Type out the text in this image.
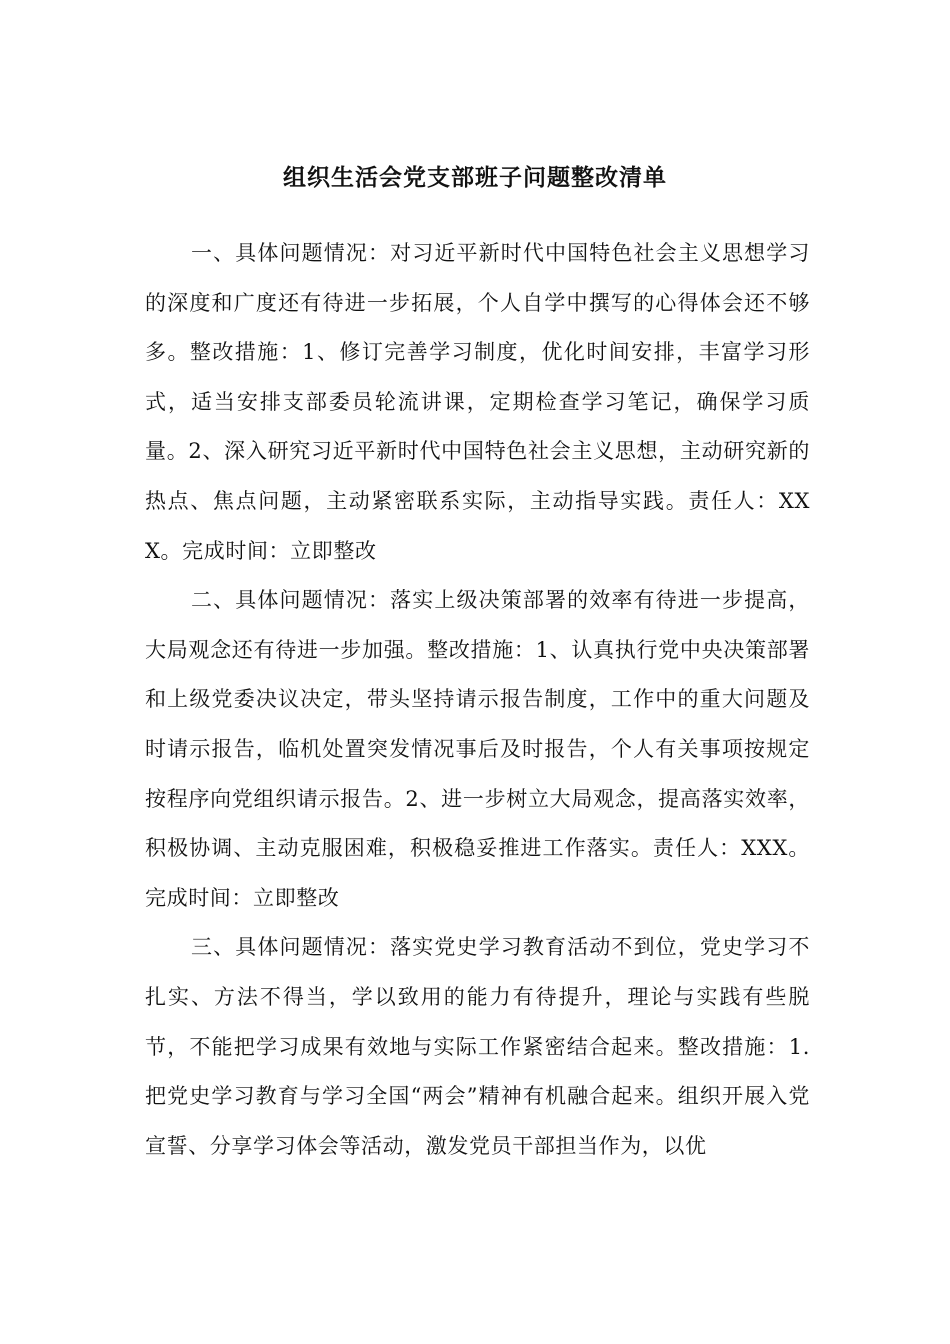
组织生活会党支部班子问题整改清单

一、具体问题情况：对习近平新时代中国特色社会主义思想学习的深度和广度还有待进一步拓展，个人自学中撰写的心得体会还不够多。整改措施：1、修订完善学习制度，优化时间安排，丰富学习形式，适当安排支部委员轮流讲课，定期检查学习笔记，确保学习质量。2、深入研究习近平新时代中国特色社会主义思想，主动研究新的热点、焦点问题，主动紧密联系实际，主动指导实践。责任人：XXX。完成时间：立即整改

二、具体问题情况：落实上级决策部署的效率有待进一步提高，大局观念还有待进一步加强。整改措施：1、认真执行党中央决策部署和上级党委决议决定，带头坚持请示报告制度，工作中的重大问题及时请示报告，临机处置突发情况事后及时报告，个人有关事项按规定按程序向党组织请示报告。2、进一步树立大局观念，提高落实效率，积极协调、主动克服困难，积极稳妥推进工作落实。责任人：XXX。完成时间：立即整改

三、具体问题情况：落实党史学习教育活动不到位，党史学习不扎实、方法不得当，学以致用的能力有待提升，理论与实践有些脱节，不能把学习成果有效地与实际工作紧密结合起来。整改措施：1.把党史学习教育与学习全国“两会”精神有机融合起来。组织开展入党宣誓、分享学习体会等活动，激发党员干部担当作为，以优
